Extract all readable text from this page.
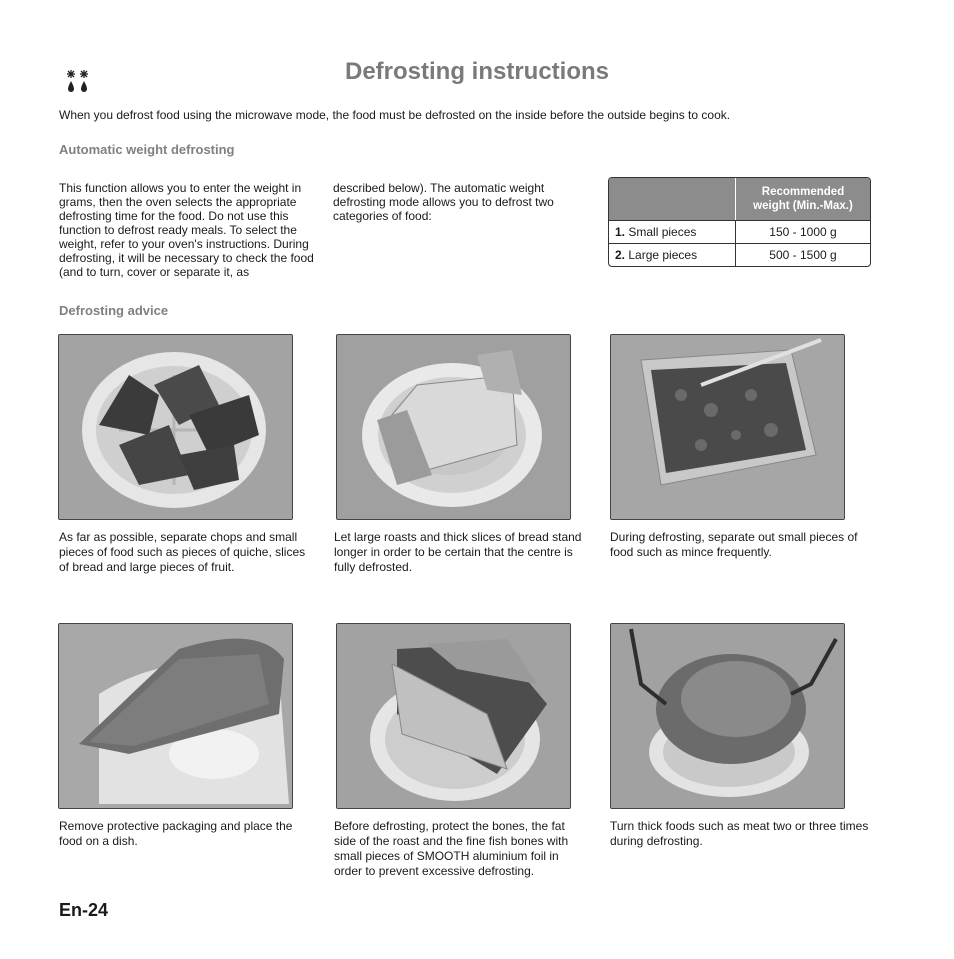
Defrosting instructions
When you defrost food using the microwave mode, the food must be defrosted on the inside before the outside begins to cook.
Automatic weight defrosting
This function allows you to enter the weight in grams, then the oven selects the appropriate defrosting time for the food. Do not use this function to defrost ready meals. To select the weight, refer to your oven's instructions. During defrosting, it will be necessary to check the food (and to turn, cover or separate it, as
described below). The automatic weight defrosting mode allows you to defrost two categories of food:

	Recommended weight (Min.-Max.)

1. Small pieces	150 - 1000 g
2. Large pieces	500 - 1500 g
Defrosting advice
As far as possible, separate chops and small pieces of food such as pieces of quiche, slices of bread and large pieces of fruit.
Let large roasts and thick slices of bread stand longer in order to be certain that the centre is fully defrosted.
During defrosting, separate out small pieces of food such as mince frequently.
Remove protective packaging and place the food on a dish.
Before defrosting, protect the bones, the fat side of the roast and the fine fish bones with small pieces of SMOOTH aluminium foil in order to prevent excessive defrosting.
Turn thick foods such as meat two or three times during defrosting.
En-24
